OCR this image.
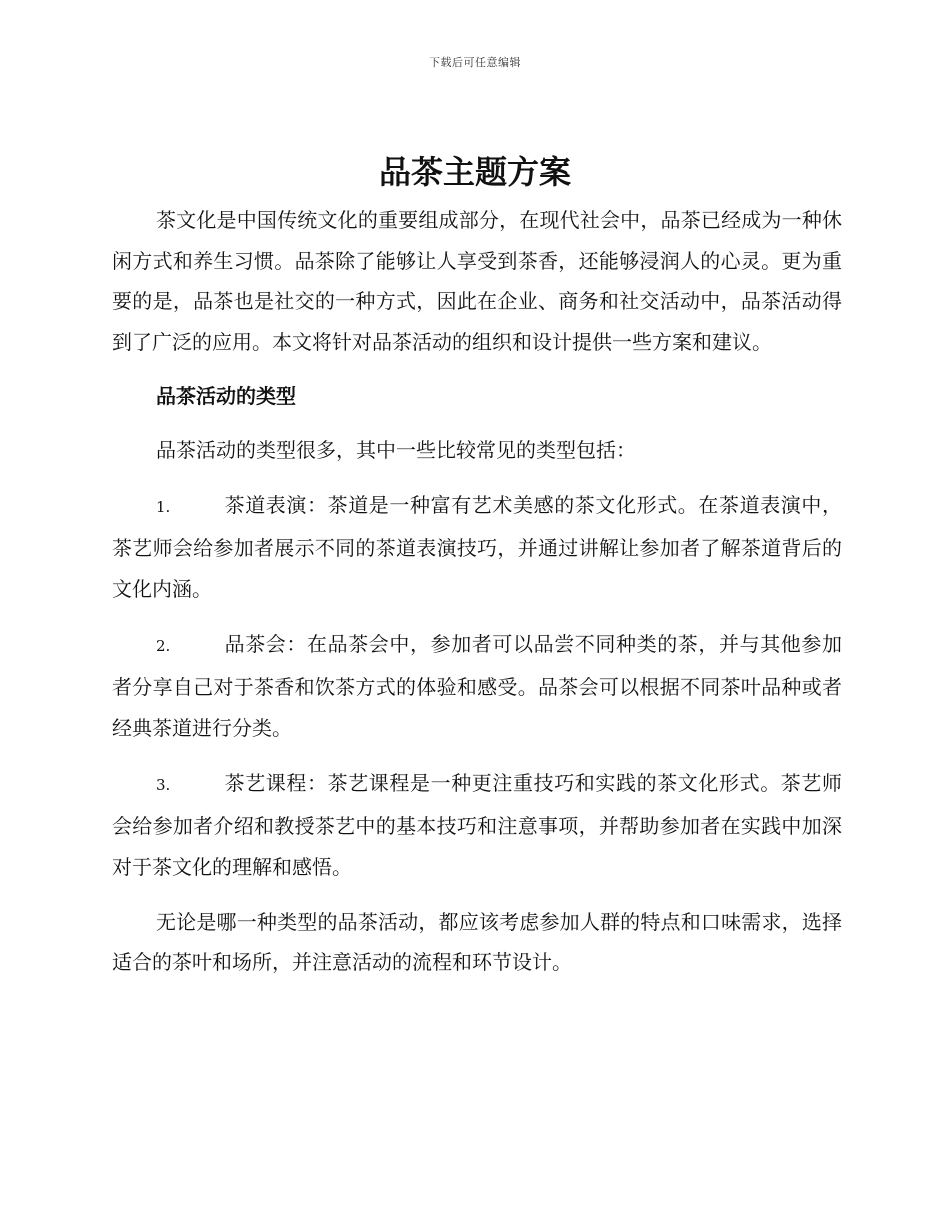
下载后可任意编辑
品茶主题方案

茶文化是中国传统文化的重要组成部分，在现代社会中，品茶已经成为一种休闲方式和养生习惯。品茶除了能够让人享受到茶香，还能够浸润人的心灵。更为重要的是，品茶也是社交的一种方式，因此在企业、商务和社交活动中，品茶活动得到了广泛的应用。本文将针对品茶活动的组织和设计提供一些方案和建议。

品茶活动的类型

品茶活动的类型很多，其中一些比较常见的类型包括：

1.	茶道表演：茶道是一种富有艺术美感的茶文化形式。在茶道表演中，茶艺师会给参加者展示不同的茶道表演技巧，并通过讲解让参加者了解茶道背后的文化内涵。

2.	品茶会：在品茶会中，参加者可以品尝不同种类的茶，并与其他参加者分享自己对于茶香和饮茶方式的体验和感受。品茶会可以根据不同茶叶品种或者经典茶道进行分类。

3.	茶艺课程：茶艺课程是一种更注重技巧和实践的茶文化形式。茶艺师会给参加者介绍和教授茶艺中的基本技巧和注意事项，并帮助参加者在实践中加深对于茶文化的理解和感悟。

无论是哪一种类型的品茶活动，都应该考虑参加人群的特点和口味需求，选择适合的茶叶和场所，并注意活动的流程和环节设计。
